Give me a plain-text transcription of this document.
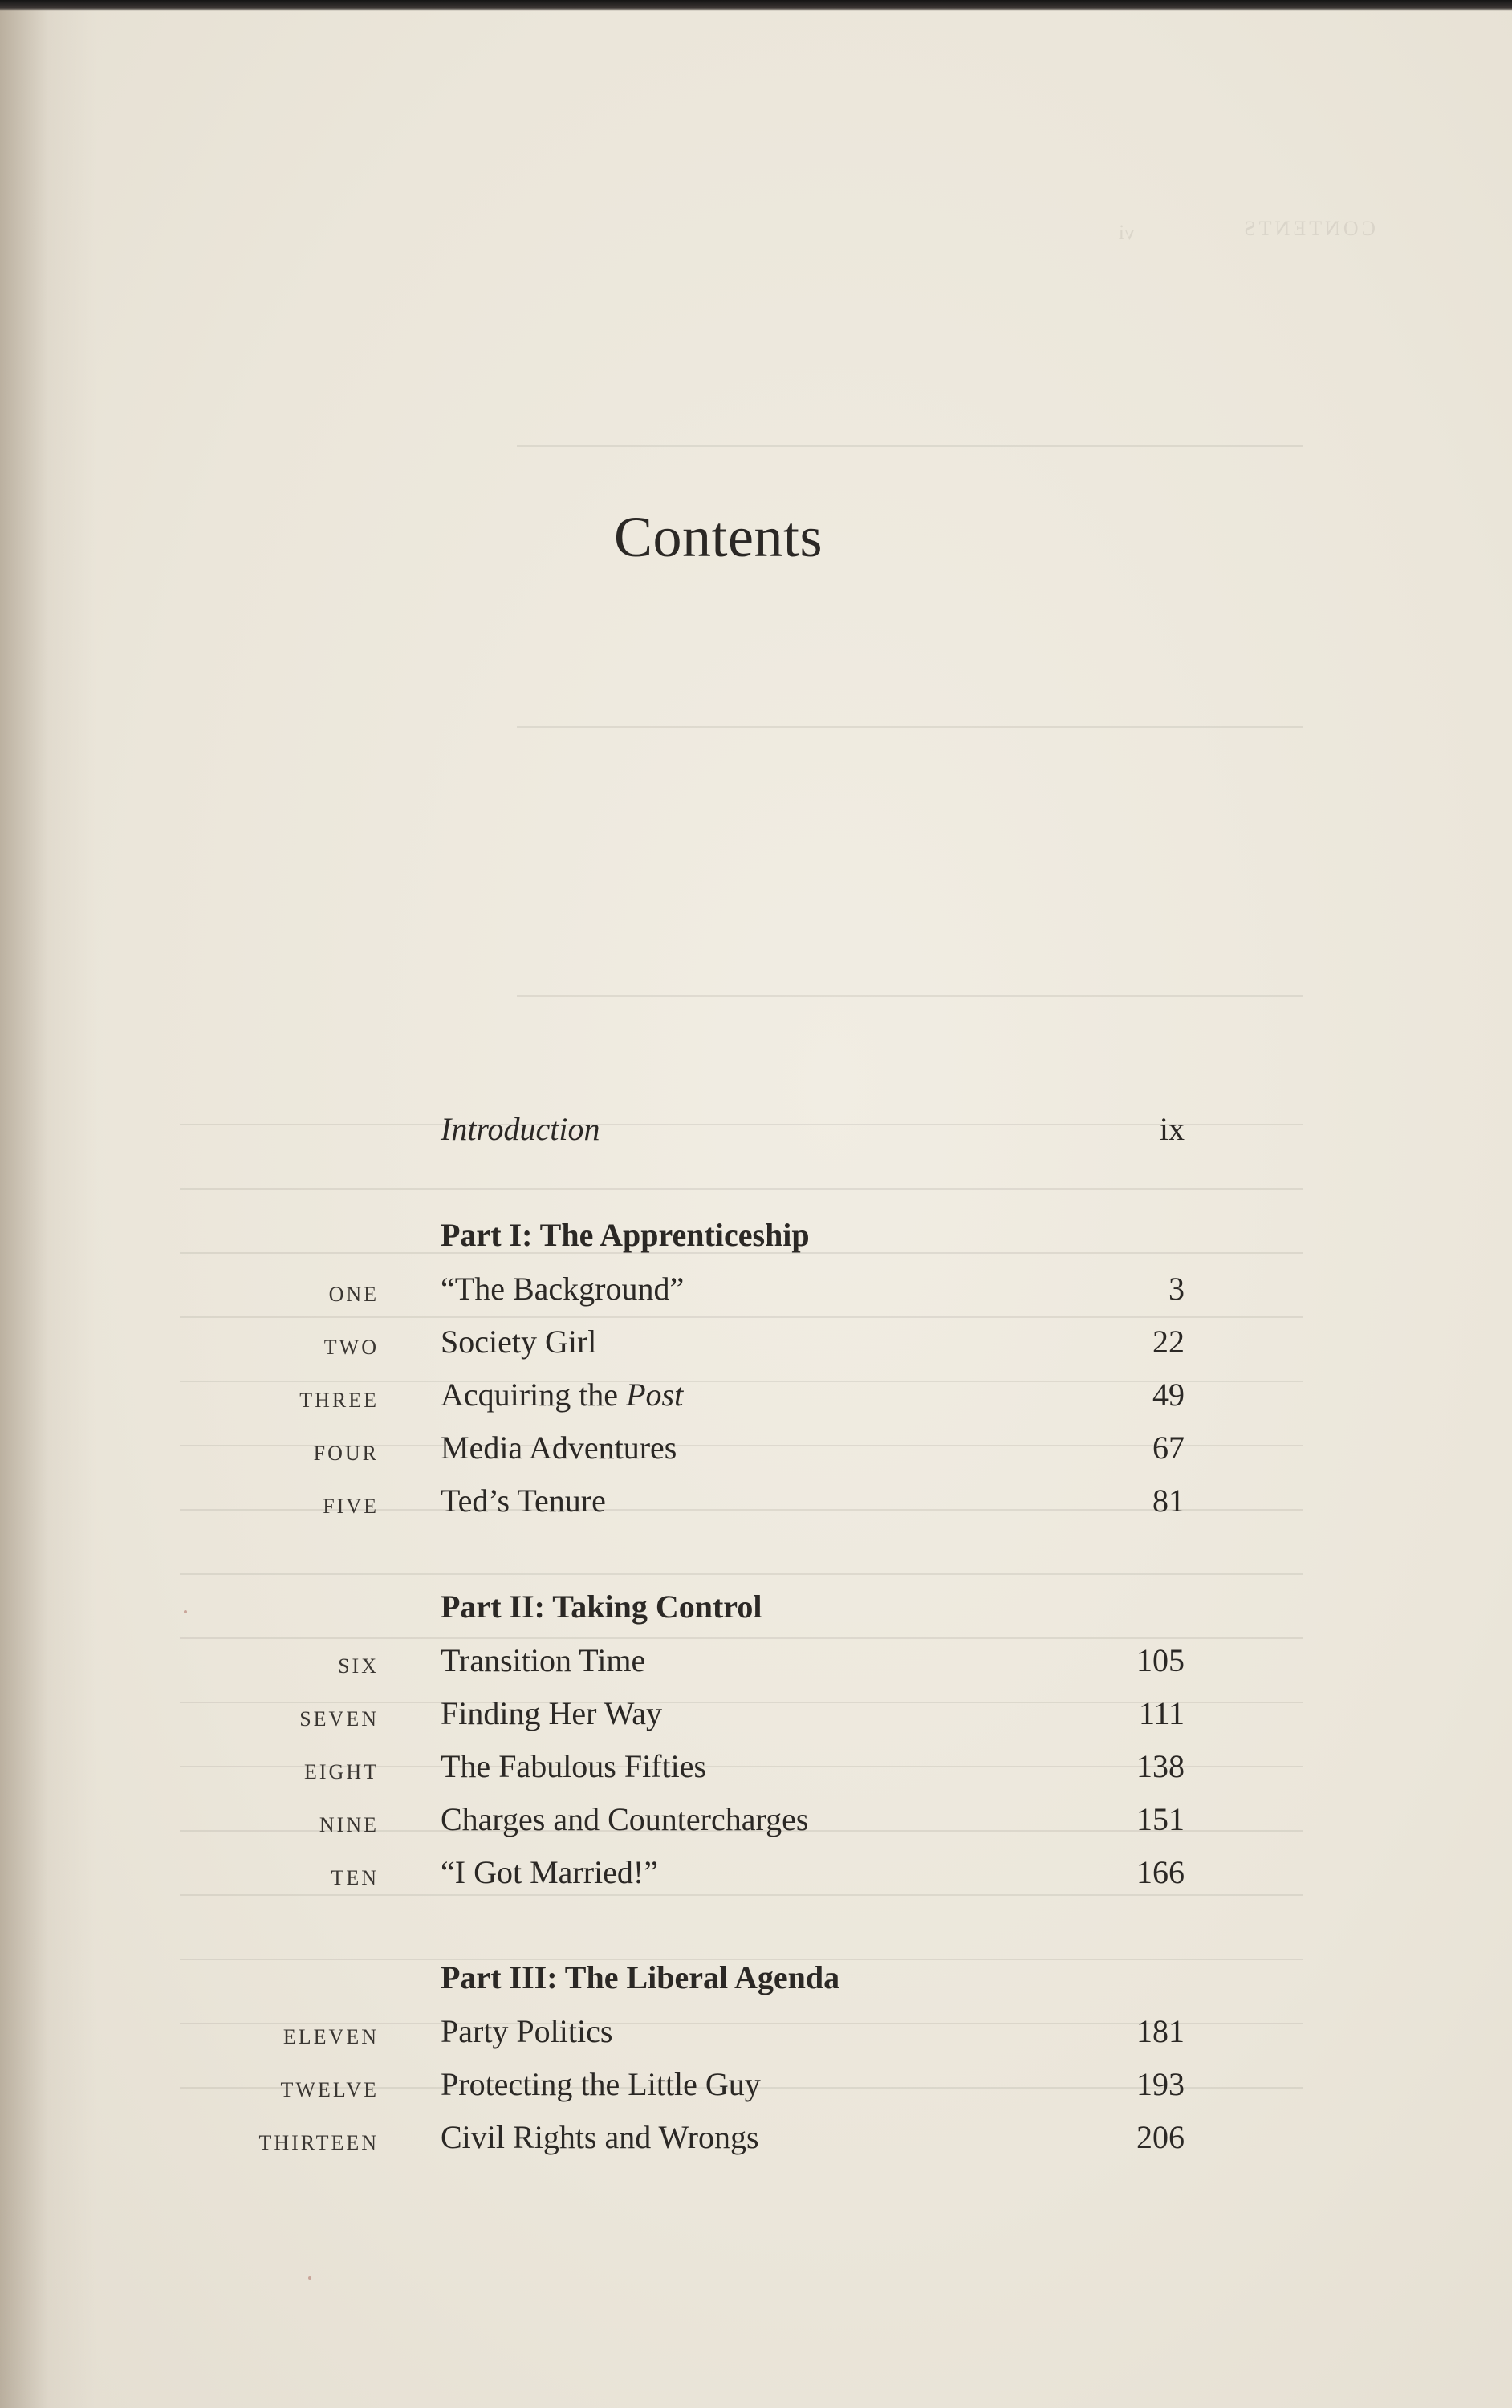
CONTENTS
vi
Contents
Introduction	ix
Part I: The Apprenticeship
ONE “The Background”	3
TWO Society Girl	22
THREE Acquiring the Post	49
FOUR Media Adventures	67
FIVE Ted’s Tenure	81
Part II: Taking Control
SIX Transition Time	105
SEVEN Finding Her Way	111
EIGHT The Fabulous Fifties	138
NINE Charges and Countercharges	151
TEN “I Got Married!”	166
Part III: The Liberal Agenda
ELEVEN Party Politics	181
TWELVE Protecting the Little Guy	193
THIRTEEN Civil Rights and Wrongs	206
